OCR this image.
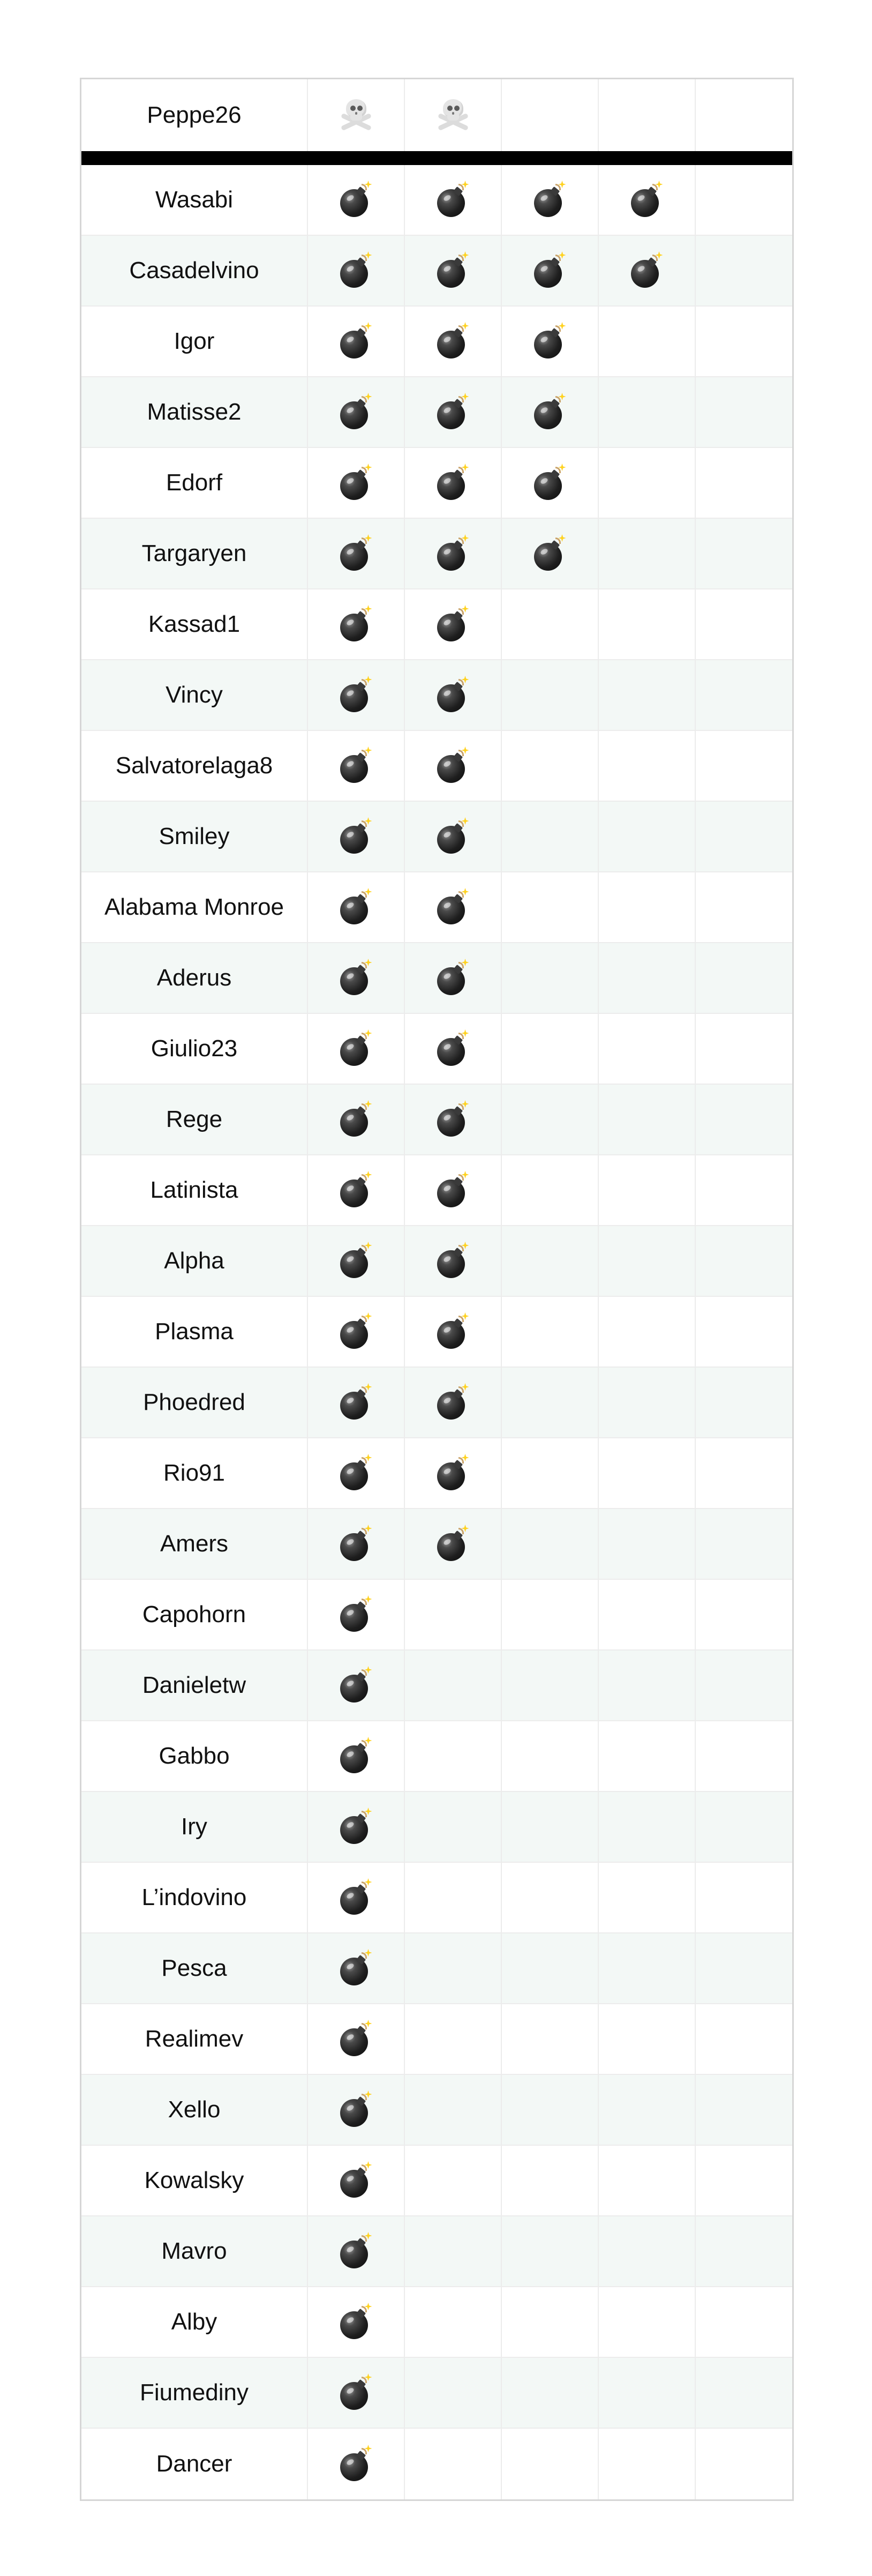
Peppe26
Wasabi
Casadelvino
Igor
Matisse2
Edorf
Targaryen
Kassad1
Vincy
Salvatorelaga8
Smiley
Alabama Monroe
Aderus
Giulio23
Rege
Latinista
Alpha
Plasma
Phoedred
Rio91
Amers
Capohorn
Danieletw
Gabbo
Iry
L’indovino
Pesca
Realimev
Xello
Kowalsky
Mavro
Alby
Fiumediny
Dancer
